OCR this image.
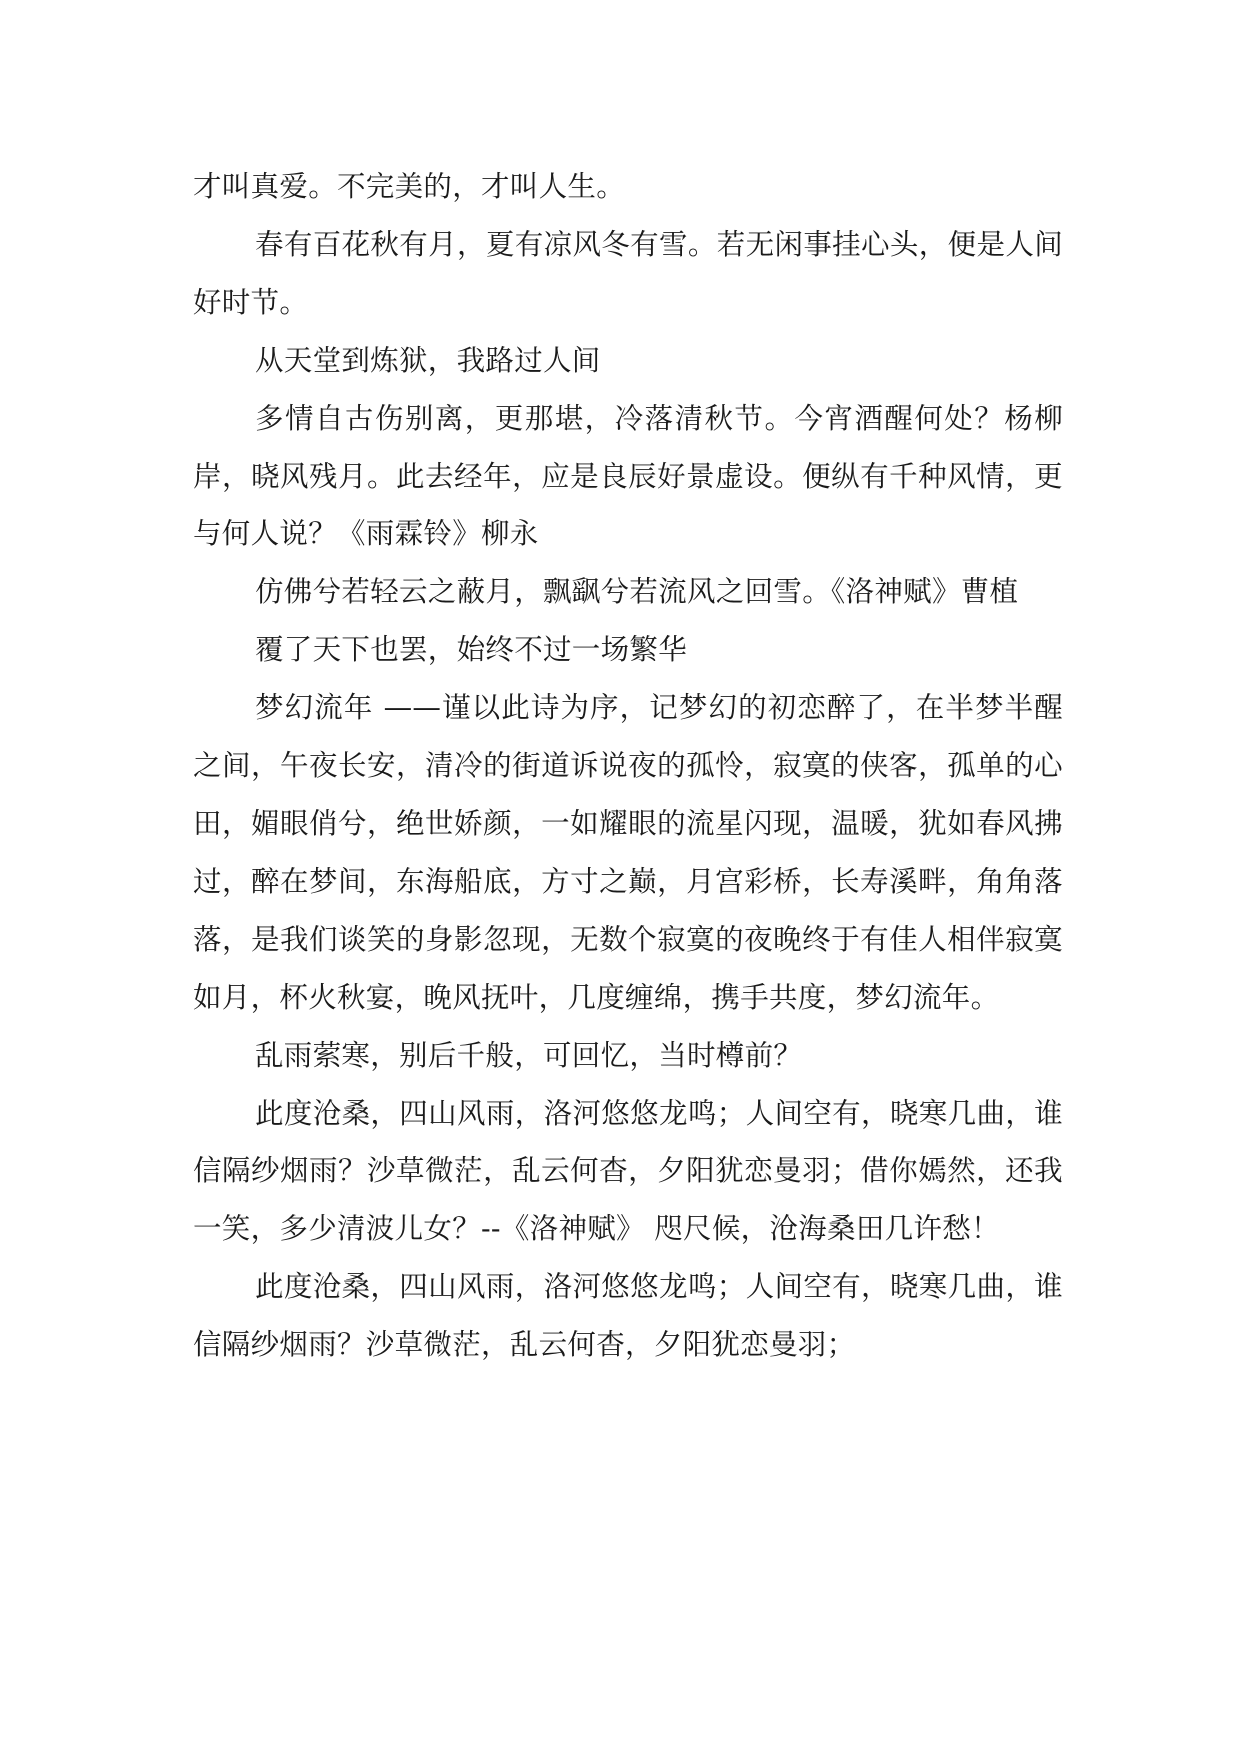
才叫真爱。不完美的，才叫人生。

春有百花秋有月，夏有凉风冬有雪。若无闲事挂心头，便是人间好时节。

从天堂到炼狱，我路过人间

多情自古伤别离，更那堪，冷落清秋节。今宵酒醒何处？杨柳岸，晓风残月。此去经年，应是良辰好景虚设。便纵有千种风情，更与何人说？《雨霖铃》柳永

仿佛兮若轻云之蔽月，飘飖兮若流风之回雪。《洛神赋》曹植

覆了天下也罢，始终不过一场繁华

梦幻流年 ——谨以此诗为序，记梦幻的初恋醉了，在半梦半醒之间，午夜长安，清冷的街道诉说夜的孤怜，寂寞的侠客，孤单的心田，媚眼俏兮，绝世娇颜，一如耀眼的流星闪现，温暖，犹如春风拂过，醉在梦间，东海船底，方寸之巅，月宫彩桥，长寿溪畔，角角落落，是我们谈笑的身影忽现，无数个寂寞的夜晚终于有佳人相伴寂寞如月，杯火秋宴，晚风抚叶，几度缠绵，携手共度，梦幻流年。

乱雨萦寒，别后千般，可回忆，当时樽前？

此度沧桑，四山风雨，洛河悠悠龙鸣；人间空有，晓寒几曲，谁信隔纱烟雨？沙草微茫，乱云何杳，夕阳犹恋曼羽；借你嫣然，还我一笑，多少清波儿女？--《洛神赋》 咫尺候，沧海桑田几许愁！

此度沧桑，四山风雨，洛河悠悠龙鸣；人间空有，晓寒几曲，谁信隔纱烟雨？沙草微茫，乱云何杳，夕阳犹恋曼羽；
